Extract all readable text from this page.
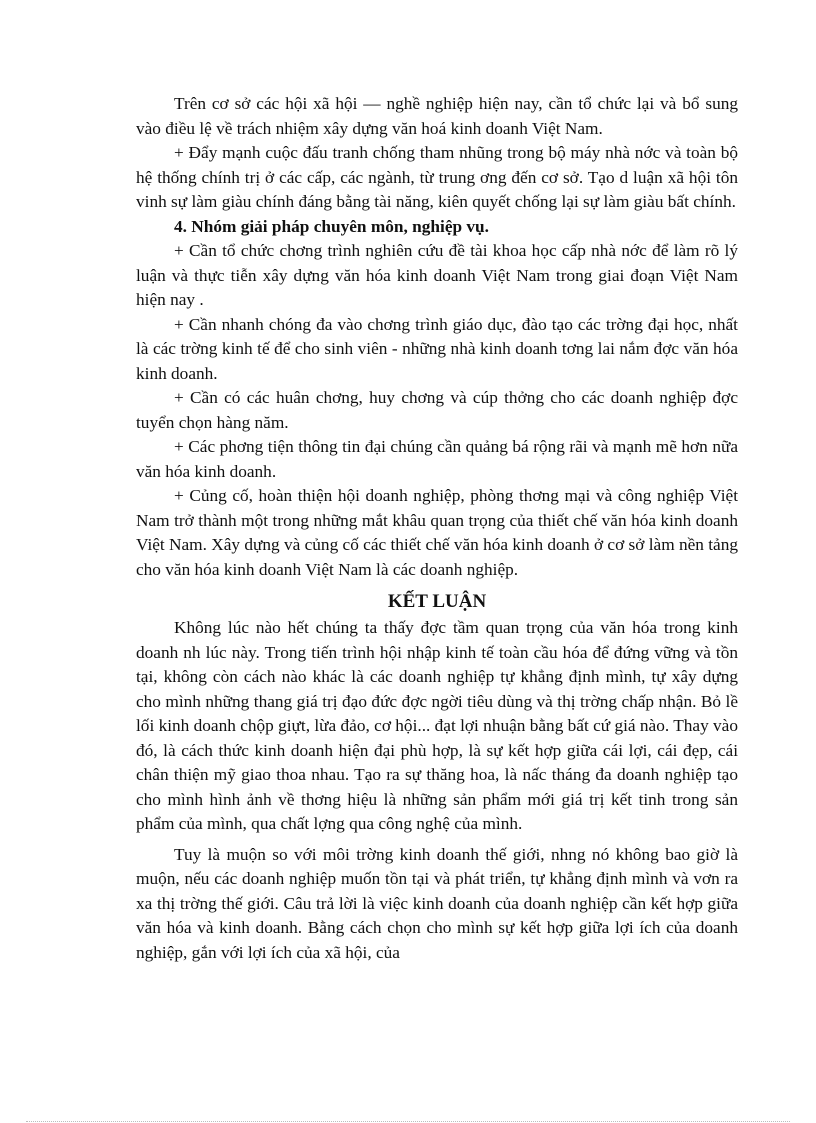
Trên cơ sở các hội xã hội — nghề nghiệp hiện nay, cần tổ chức lại và bổ sung vào điều lệ về trách nhiệm xây dựng văn hoá kinh doanh Việt Nam.

+ Đẩy mạnh cuộc đấu tranh chống tham nhũng trong bộ máy nhà nớc và toàn bộ hệ thống chính trị ở các cấp, các ngành, từ trung ơng đến cơ sở. Tạo d luận xã hội tôn vinh sự làm giàu chính đáng bằng tài năng, kiên quyết chống lại sự làm giàu bất chính.

4. Nhóm giải pháp chuyên môn, nghiệp vụ.

+ Cần tổ chức chơng trình nghiên cứu đề tài khoa học cấp nhà nớc để làm rõ lý luận và thực tiễn xây dựng văn hóa kinh doanh Việt Nam trong giai đoạn Việt Nam hiện nay .

+ Cần nhanh chóng đa vào chơng trình giáo dục, đào tạo các trờng đại học, nhất là các trờng kinh tế để cho sinh viên - những nhà kinh doanh tơng lai nắm đợc văn hóa kinh doanh.

+ Cần có các huân chơng, huy chơng và cúp thởng cho các doanh nghiệp đợc tuyển chọn hàng năm.

+ Các phơng tiện thông tin đại chúng cần quảng bá rộng rãi và mạnh mẽ hơn nữa văn hóa kinh doanh.

+ Củng cố, hoàn thiện hội doanh nghiệp, phòng thơng mại và công nghiệp Việt Nam trở thành một trong những mắt khâu quan trọng của thiết chế văn hóa kinh doanh Việt Nam. Xây dựng và củng cố các thiết chế văn hóa kinh doanh ở cơ sở làm nền tảng cho văn hóa kinh doanh Việt Nam là các doanh nghiệp.

KẾT LUẬN

Không lúc nào hết chúng ta thấy đợc tầm quan trọng của văn hóa trong kinh doanh nh lúc này. Trong tiến trình hội nhập kinh tế toàn cầu hóa để đứng vững và tồn tại, không còn cách nào khác là các doanh nghiệp tự khẳng định mình, tự xây dựng cho mình những thang giá trị đạo đức đợc ngời tiêu dùng và thị trờng chấp nhận. Bỏ lề lối kinh doanh chộp giựt, lừa đảo, cơ hội... đạt lợi nhuận bằng bất cứ giá nào. Thay vào đó, là cách thức kinh doanh hiện đại phù hợp, là sự kết hợp giữa cái lợi, cái đẹp, cái chân thiện mỹ giao thoa nhau. Tạo ra sự thăng hoa, là nấc tháng đa doanh nghiệp tạo cho mình hình ảnh về thơng hiệu là những sản phẩm mới giá trị kết tinh trong sản phẩm của mình, qua chất lợng qua công nghệ của mình.

Tuy là muộn so với môi trờng kinh doanh thế giới, nhng nó không bao giờ là muộn, nếu các doanh nghiệp muốn tồn tại và phát triển, tự khẳng định mình và vơn ra xa thị trờng thế giới. Câu trả lời là việc kinh doanh của doanh nghiệp cần kết hợp giữa văn hóa và kinh doanh. Bằng cách chọn cho mình sự kết hợp giữa lợi ích của doanh nghiệp, gắn với lợi ích của xã hội, của
